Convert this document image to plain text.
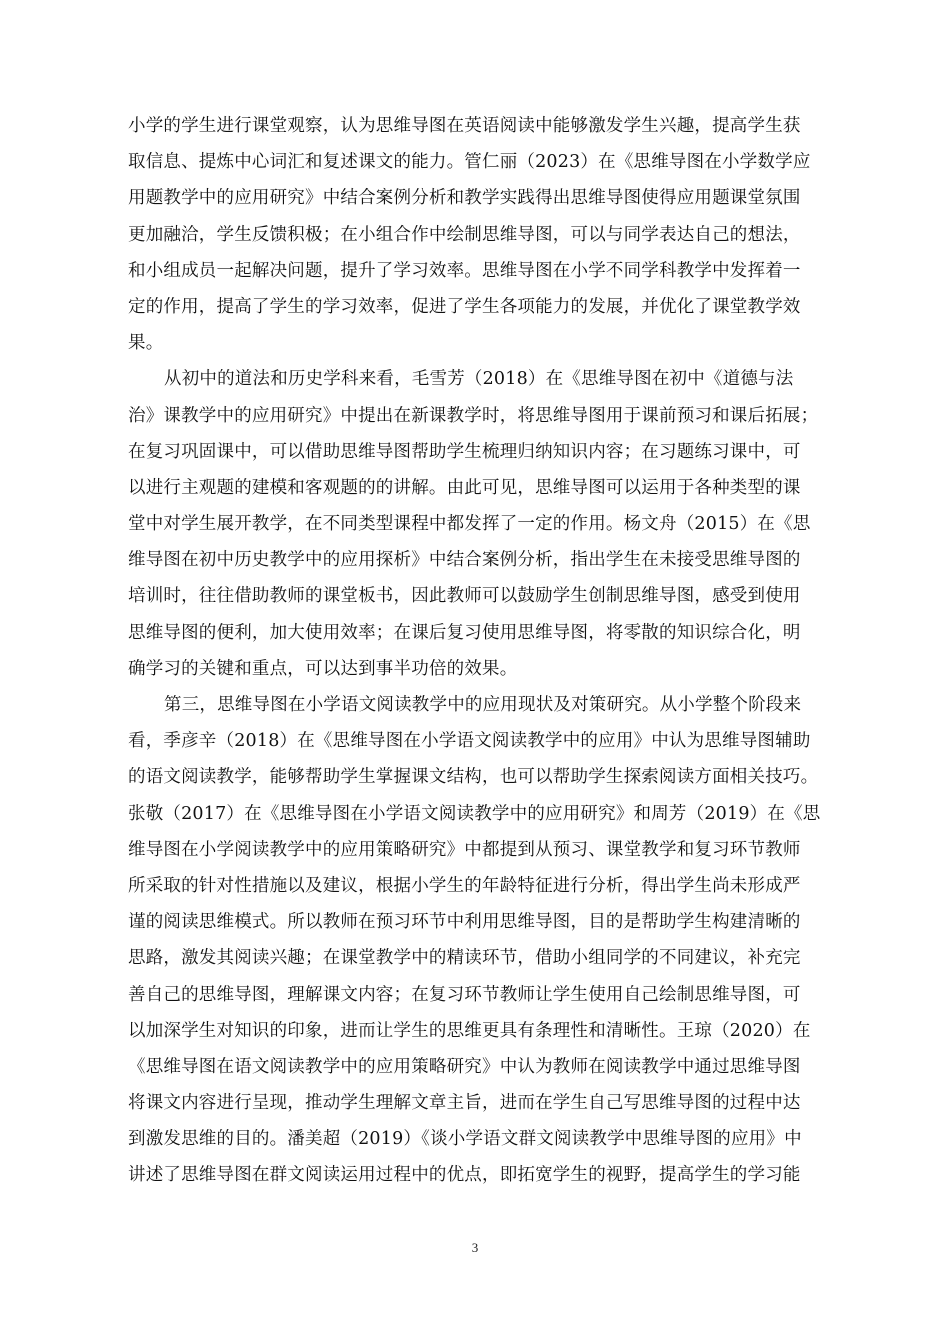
小学的学生进行课堂观察，认为思维导图在英语阅读中能够激发学生兴趣，提高学生获
取信息、提炼中心词汇和复述课文的能力。管仁丽（2023）在《思维导图在小学数学应
用题教学中的应用研究》中结合案例分析和教学实践得出思维导图使得应用题课堂氛围
更加融洽，学生反馈积极；在小组合作中绘制思维导图，可以与同学表达自己的想法，
和小组成员一起解决问题，提升了学习效率。思维导图在小学不同学科教学中发挥着一
定的作用，提高了学生的学习效率，促进了学生各项能力的发展，并优化了课堂教学效
果。
从初中的道法和历史学科来看，毛雪芳（2018）在《思维导图在初中《道德与法
治》课教学中的应用研究》中提出在新课教学时，将思维导图用于课前预习和课后拓展；
在复习巩固课中，可以借助思维导图帮助学生梳理归纳知识内容；在习题练习课中，可
以进行主观题的建模和客观题的的讲解。由此可见，思维导图可以运用于各种类型的课
堂中对学生展开教学，在不同类型课程中都发挥了一定的作用。杨文舟（2015）在《思
维导图在初中历史教学中的应用探析》中结合案例分析，指出学生在未接受思维导图的
培训时，往往借助教师的课堂板书，因此教师可以鼓励学生创制思维导图，感受到使用
思维导图的便利，加大使用效率；在课后复习使用思维导图，将零散的知识综合化，明
确学习的关键和重点，可以达到事半功倍的效果。
第三，思维导图在小学语文阅读教学中的应用现状及对策研究。从小学整个阶段来
看，季彦辛（2018）在《思维导图在小学语文阅读教学中的应用》中认为思维导图辅助
的语文阅读教学，能够帮助学生掌握课文结构，也可以帮助学生探索阅读方面相关技巧。
张敬（2017）在《思维导图在小学语文阅读教学中的应用研究》和周芳（2019）在《思
维导图在小学阅读教学中的应用策略研究》中都提到从预习、课堂教学和复习环节教师
所采取的针对性措施以及建议，根据小学生的年龄特征进行分析，得出学生尚未形成严
谨的阅读思维模式。所以教师在预习环节中利用思维导图，目的是帮助学生构建清晰的
思路，激发其阅读兴趣；在课堂教学中的精读环节，借助小组同学的不同建议，补充完
善自己的思维导图，理解课文内容；在复习环节教师让学生使用自己绘制思维导图，可
以加深学生对知识的印象，进而让学生的思维更具有条理性和清晰性。王琼（2020）在
《思维导图在语文阅读教学中的应用策略研究》中认为教师在阅读教学中通过思维导图
将课文内容进行呈现，推动学生理解文章主旨，进而在学生自己写思维导图的过程中达
到激发思维的目的。潘美超（2019）《谈小学语文群文阅读教学中思维导图的应用》中
讲述了思维导图在群文阅读运用过程中的优点，即拓宽学生的视野，提高学生的学习能
3
